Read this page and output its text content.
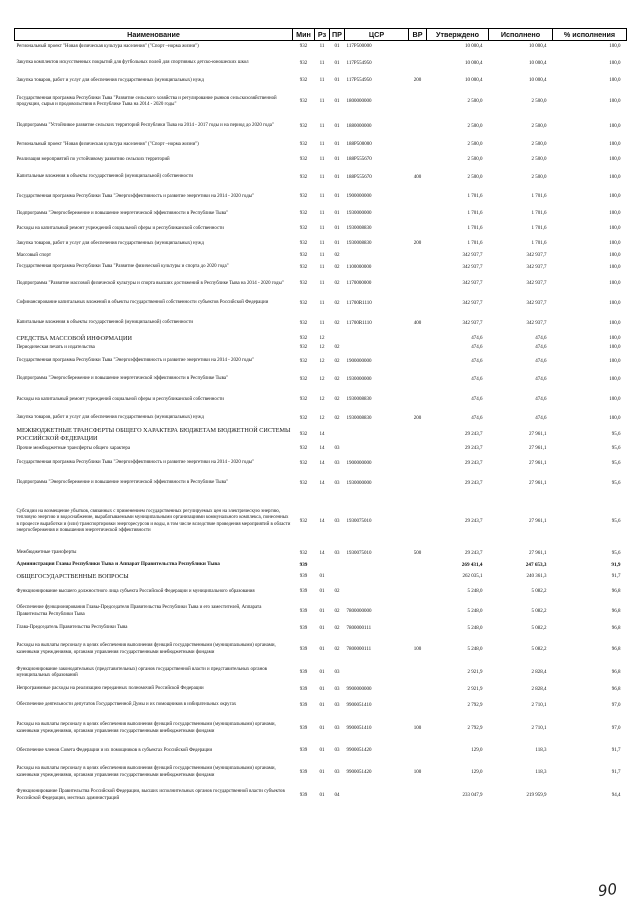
Наименование	Мин	Рз	ПР	ЦСР	ВР	Утверждено	Исполнено	% исполнения
Региональный проект "Новая физическая культура населения" ("Спорт –норма жизни")	932	11	01	117P500000		10 000,4	10 000,4	100,0
Закупка комплектов искусственных покрытий для футбольных полей для спортивных детско-юношеских школ	932	11	01	117P554950		10 000,4	10 000,4	100,0
Закупка товаров, работ и услуг для обеспечения государственных (муниципальных) нужд	932	11	01	117P554950	200	10 000,4	10 000,4	100,0
Государственная программа Республики Тыва "Развитие сельского хозяйства и регулирование рынков сельскохозяйственной продукции, сырья и продовольствия в Республике Тыва на 2014 - 2020 годы"	932	11	01	1800000000		2 500,0	2 500,0	100,0
Подпрограмма "Устойчивое развитие сельских территорий Республики Тыва на 2014 - 2017 годы и на период до 2020 года"	932	11	01	1880000000		2 500,0	2 500,0	100,0
Региональный проект "Новая физическая культура населения" ("Спорт –норма жизни")	932	11	01	188P500000		2 500,0	2 500,0	100,0
Реализация мероприятий по устойчивому развитию сельских территорий	932	11	01	188P555670		2 500,0	2 500,0	100,0
Капитальные вложения в объекты государственной (муниципальной) собственности	932	11	01	188P555670	400	2 500,0	2 500,0	100,0
Государственная программа Республики Тыва "Энергоэффективность и развитие энергетики на 2014 - 2020 годы"	932	11	01	1900000000		1 701,6	1 701,6	100,0
Подпрограмма "Энергосбережение и повышение энергетической эффективности в Республике Тыва"	932	11	01	1930000000		1 701,6	1 701,6	100,0
Расходы на капитальный ремонт учреждений социальной сферы и республиканской собственности	932	11	01	1930008830		1 701,6	1 701,6	100,0
Закупка товаров, работ и услуг для обеспечения государственных (муниципальных) нужд	932	11	01	1930008830	200	1 701,6	1 701,6	100,0
Массовый спорт	932	11	02			342 937,7	342 937,7	100,0
Государственная программа Республики Тыва "Развитие физической культуры и спорта до 2020 года"	932	11	02	1100000000		342 937,7	342 937,7	100,0
Подпрограмма "Развитие массовой физической культуры и спорта высших достижений в Республике Тыва на 2014 - 2020 годы"	932	11	02	1170000000		342 937,7	342 937,7	100,0
Софинансирование капитальных вложений в объекты государственной собственности субъектов Российской Федерации	932	11	02	11700R1110		342 937,7	342 937,7	100,0
Капитальные вложения в объекты государственной (муниципальной) собственности	932	11	02	11700R1110	400	342 937,7	342 937,7	100,0
СРЕДСТВА МАССОВОЙ ИНФОРМАЦИИ	932	12				474,6	474,6	100,0
Периодическая печать и издательства	932	12	02			474,6	474,6	100,0
Государственная программа Республики Тыва "Энергоэффективность и развитие энергетики на 2014 - 2020 годы"	932	12	02	1900000000		474,6	474,6	100,0
Подпрограмма "Энергосбережение и повышение энергетической эффективности в Республике Тыва"	932	12	02	1930000000		474,6	474,6	100,0
Расходы на капитальный ремонт учреждений социальной сферы и республиканской собственности	932	12	02	1930008830		474,6	474,6	100,0
Закупка товаров, работ и услуг для обеспечения государственных (муниципальных) нужд	932	12	02	1930008830	200	474,6	474,6	100,0
МЕЖБЮДЖЕТНЫЕ ТРАНСФЕРТЫ ОБЩЕГО ХАРАКТЕРА БЮДЖЕТАМ БЮДЖЕТНОЙ СИСТЕМЫ РОССИЙСКОЙ ФЕДЕРАЦИИ	932	14				29 243,7	27 961,1	95,6
Прочие межбюджетные трансферты общего характера	932	14	03			29 243,7	27 961,1	95,6
Государственная программа Республики Тыва "Энергоэффективность и развитие энергетики на 2014 - 2020 годы"	932	14	03	1900000000		29 243,7	27 961,1	95,6
Подпрограмма "Энергосбережение и повышение энергетической эффективности в Республике Тыва"	932	14	03	1930000000		29 243,7	27 961,1	95,6
Субсидии на возмещение убытков, связанных с применением государственных регулируемых цен на электрическую энергию, тепловую энергию и водоснабжение, вырабатываемыми муниципальными организациями коммунального комплекса, понесенных в процессе выработки и (или) транспортировки энергоресурсов и воды, в том числе вследствие проведения мероприятий в области энергосбережения и повышения энергетической эффективности	932	14	03	1930075010		29 243,7	27 961,1	95,6
Межбюджетные трансферты	932	14	03	1930075010	500	29 243,7	27 961,1	95,6
Администрация Главы Республики Тыва и Аппарат Правительства Республики Тыва	939					269 431,4	247 653,3	91,9
ОБЩЕГОСУДАРСТВЕННЫЕ ВОПРОСЫ	939	01				262 035,1	240 361,3	91,7
Функционирование высшего должностного лица субъекта Российской Федерации и муниципального образования	939	01	02			5 248,0	5 082,2	96,8
Обеспечение функционирования Главы-Председателя Правительства Республики Тыва и его заместителей, Аппарата Правительства Республики Тыва	939	01	02	7800000000		5 248,0	5 082,2	96,8
Глава-Председатель Правительства Республики Тыва	939	01	02	7800000111		5 248,0	5 082,2	96,8
Расходы на выплаты персоналу в целях обеспечения выполнения функций государственными (муниципальными) органами, казенными учреждениями, органами управления государственными внебюджетными фондами	939	01	02	7800000111	100	5 248,0	5 082,2	96,8
Функционирование законодательных (представительных) органов государственной власти и представительных органов муниципальных образований	939	01	03			2 921,9	2 828,4	96,8
Непрограммные расходы на реализацию переданных полномочий Российской Федерации	939	01	03	9900000000		2 921,9	2 828,4	96,8
Обеспечение деятельности депутатов Государственной Думы и их помощников в избирательных округах	939	01	03	9900051410		2 792,9	2 710,1	97,0
Расходы на выплаты персоналу в целях обеспечения выполнения функций государственными (муниципальными) органами, казенными учреждениями, органами управления государственными внебюджетными фондами	939	01	03	9900051410	100	2 792,9	2 710,1	97,0
Обеспечение членов Совета Федерации и их помощников в субъектах Российской Федерации	939	01	03	9900051420		129,0	118,3	91,7
Расходы на выплаты персоналу в целях обеспечения выполнения функций государственными (муниципальными) органами, казенными учреждениями, органами управления государственными внебюджетными фондами	939	01	03	9900051420	100	129,0	118,3	91,7
Функционирование Правительства Российской Федерации, высших исполнительных органов государственной власти субъектов Российской Федерации, местных администраций	939	01	04			233 047,9	219 959,9	94,4
90
